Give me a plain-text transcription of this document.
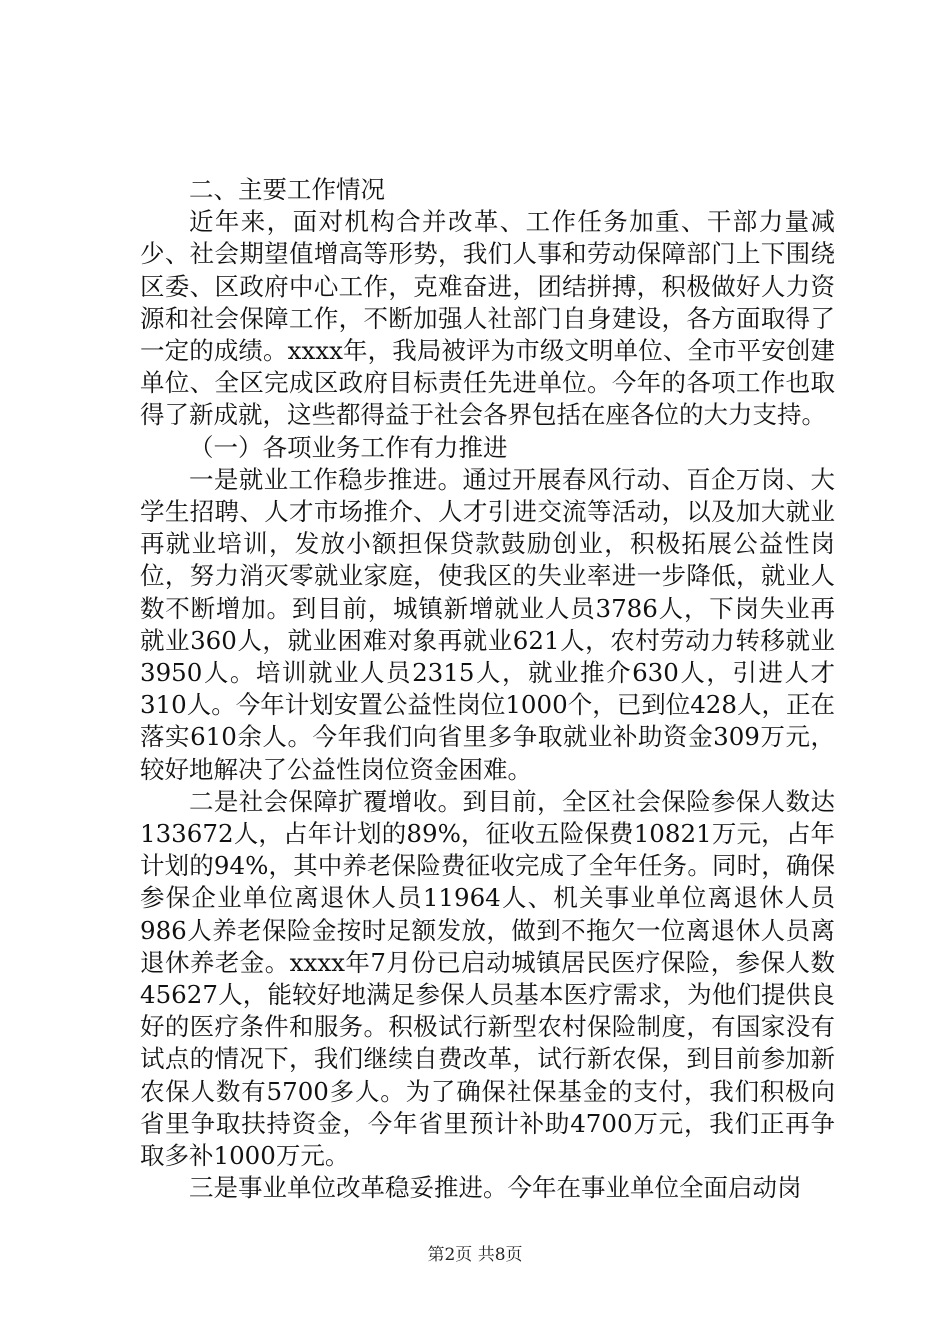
二、主要工作情况

近年来，面对机构合并改革、工作任务加重、干部力量减少、社会期望值增高等形势，我们人事和劳动保障部门上下围绕区委、区政府中心工作，克难奋进，团结拼搏，积极做好人力资源和社会保障工作，不断加强人社部门自身建设，各方面取得了一定的成绩。xxxx年，我局被评为市级文明单位、全市平安创建单位、全区完成区政府目标责任先进单位。今年的各项工作也取得了新成就，这些都得益于社会各界包括在座各位的大力支持。

（一）各项业务工作有力推进

一是就业工作稳步推进。通过开展春风行动、百企万岗、大学生招聘、人才市场推介、人才引进交流等活动，以及加大就业再就业培训，发放小额担保贷款鼓励创业，积极拓展公益性岗位，努力消灭零就业家庭，使我区的失业率进一步降低，就业人数不断增加。到目前，城镇新增就业人员3786人，下岗失业再就业360人，就业困难对象再就业621人，农村劳动力转移就业3950人。培训就业人员2315人，就业推介630人，引进人才310人。今年计划安置公益性岗位1000个，已到位428人，正在落实610余人。今年我们向省里多争取就业补助资金309万元，较好地解决了公益性岗位资金困难。

二是社会保障扩覆增收。到目前，全区社会保险参保人数达133672人，占年计划的89%，征收五险保费10821万元，占年计划的94%，其中养老保险费征收完成了全年任务。同时，确保参保企业单位离退休人员11964人、机关事业单位离退休人员986人养老保险金按时足额发放，做到不拖欠一位离退休人员离退休养老金。xxxx年7月份已启动城镇居民医疗保险，参保人数45627人，能较好地满足参保人员基本医疗需求，为他们提供良好的医疗条件和服务。积极试行新型农村保险制度，有国家没有试点的情况下，我们继续自费改革，试行新农保，到目前参加新农保人数有5700多人。为了确保社保基金的支付，我们积极向省里争取扶持资金，今年省里预计补助4700万元，我们正再争取多补1000万元。

三是事业单位改革稳妥推进。今年在事业单位全面启动岗

第2页 共8页
